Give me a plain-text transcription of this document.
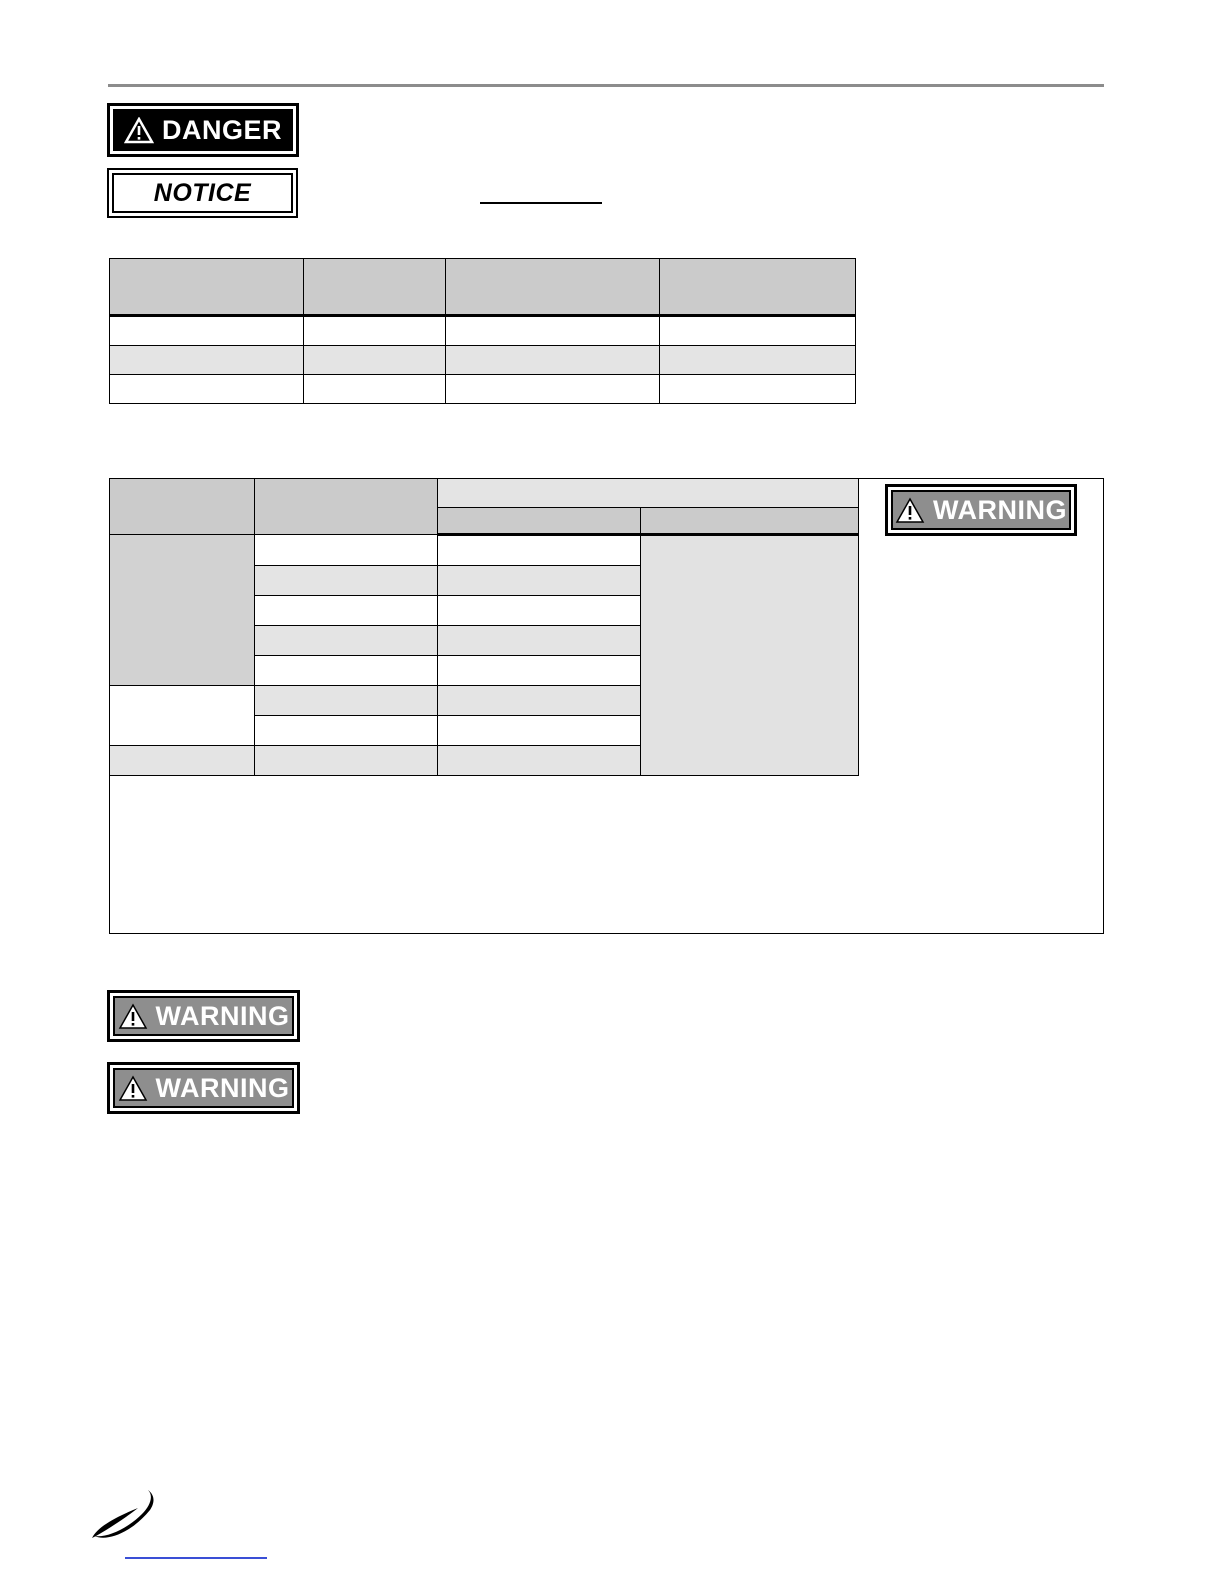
DANGER
NOTICE

WARNING
WARNING
WARNING
